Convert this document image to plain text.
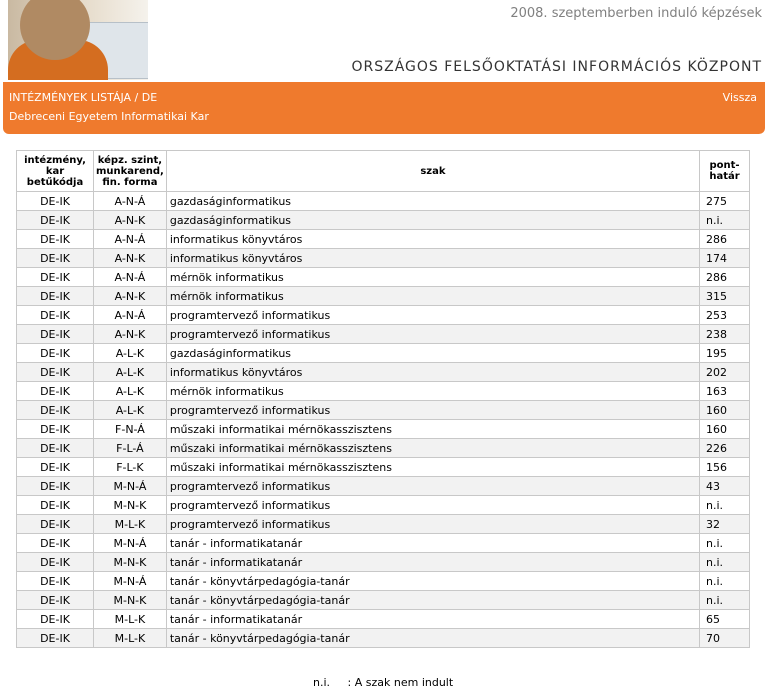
2008. szeptemberben induló képzések
ORSZÁGOS FELSŐOKTATÁSI INFORMÁCIÓS KÖZPONT
INTÉZMÉNYEK LISTÁJA / DE	Vissza
Debreceni Egyetem Informatikai Kar
intézmény, kar betűkódja	képz. szint, munkarend, fin. forma	szak	pont-határ
DE-IK	A-N-Á	gazdaságinformatikus	275
DE-IK	A-N-K	gazdaságinformatikus	n.i.
DE-IK	A-N-Á	informatikus könyvtáros	286
DE-IK	A-N-K	informatikus könyvtáros	174
DE-IK	A-N-Á	mérnök informatikus	286
DE-IK	A-N-K	mérnök informatikus	315
DE-IK	A-N-Á	programtervező informatikus	253
DE-IK	A-N-K	programtervező informatikus	238
DE-IK	A-L-K	gazdaságinformatikus	195
DE-IK	A-L-K	informatikus könyvtáros	202
DE-IK	A-L-K	mérnök informatikus	163
DE-IK	A-L-K	programtervező informatikus	160
DE-IK	F-N-Á	műszaki informatikai mérnökasszisztens	160
DE-IK	F-L-Á	műszaki informatikai mérnökasszisztens	226
DE-IK	F-L-K	műszaki informatikai mérnökasszisztens	156
DE-IK	M-N-Á	programtervező informatikus	43
DE-IK	M-N-K	programtervező informatikus	n.i.
DE-IK	M-L-K	programtervező informatikus	32
DE-IK	M-N-Á	tanár - informatikatanár	n.i.
DE-IK	M-N-K	tanár - informatikatanár	n.i.
DE-IK	M-N-Á	tanár - könyvtárpedagógia-tanár	n.i.
DE-IK	M-N-K	tanár - könyvtárpedagógia-tanár	n.i.
DE-IK	M-L-K	tanár - informatikatanár	65
DE-IK	M-L-K	tanár - könyvtárpedagógia-tanár	70
n.i. : A szak nem indult
